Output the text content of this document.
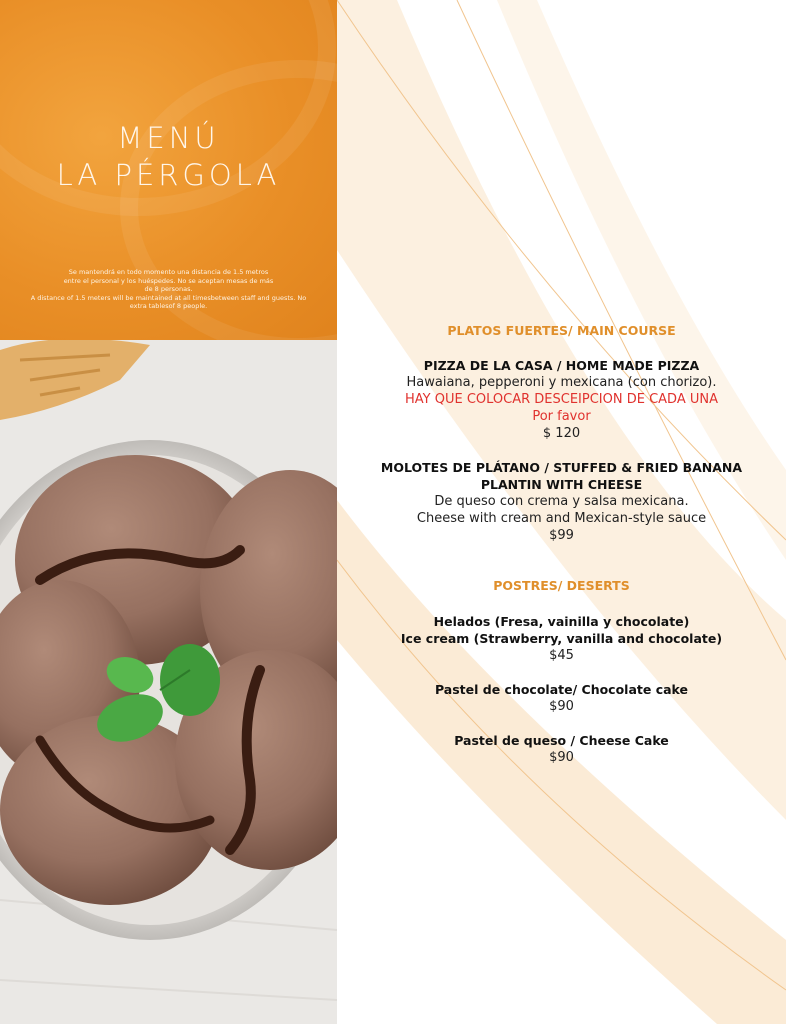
MENÚ
LA PÉRGOLA
Se mantendrá en todo momento una distancia de 1.5 metros
entre el personal y los huéspedes. No se aceptan mesas de más
de 8 personas.
A distance of 1.5 meters will be maintained at all timesbetween staff and guests. No
extra tablesof 8 people.
PLATOS FUERTES/ MAIN COURSE
PIZZA DE LA CASA / HOME MADE PIZZA
Hawaiana, pepperoni y mexicana (con chorizo).
HAY QUE COLOCAR DESCEIPCION DE CADA UNA
Por favor
$ 120
MOLOTES DE PLÁTANO / STUFFED & FRIED BANANA
PLANTIN WITH CHEESE
De queso con crema y salsa mexicana.
Cheese with cream and Mexican-style sauce
$99
POSTRES/ DESERTS
Helados (Fresa, vainilla y chocolate)
Ice cream (Strawberry, vanilla and chocolate)
$45
Pastel de chocolate/ Chocolate cake
$90
Pastel de queso / Cheese Cake
$90
